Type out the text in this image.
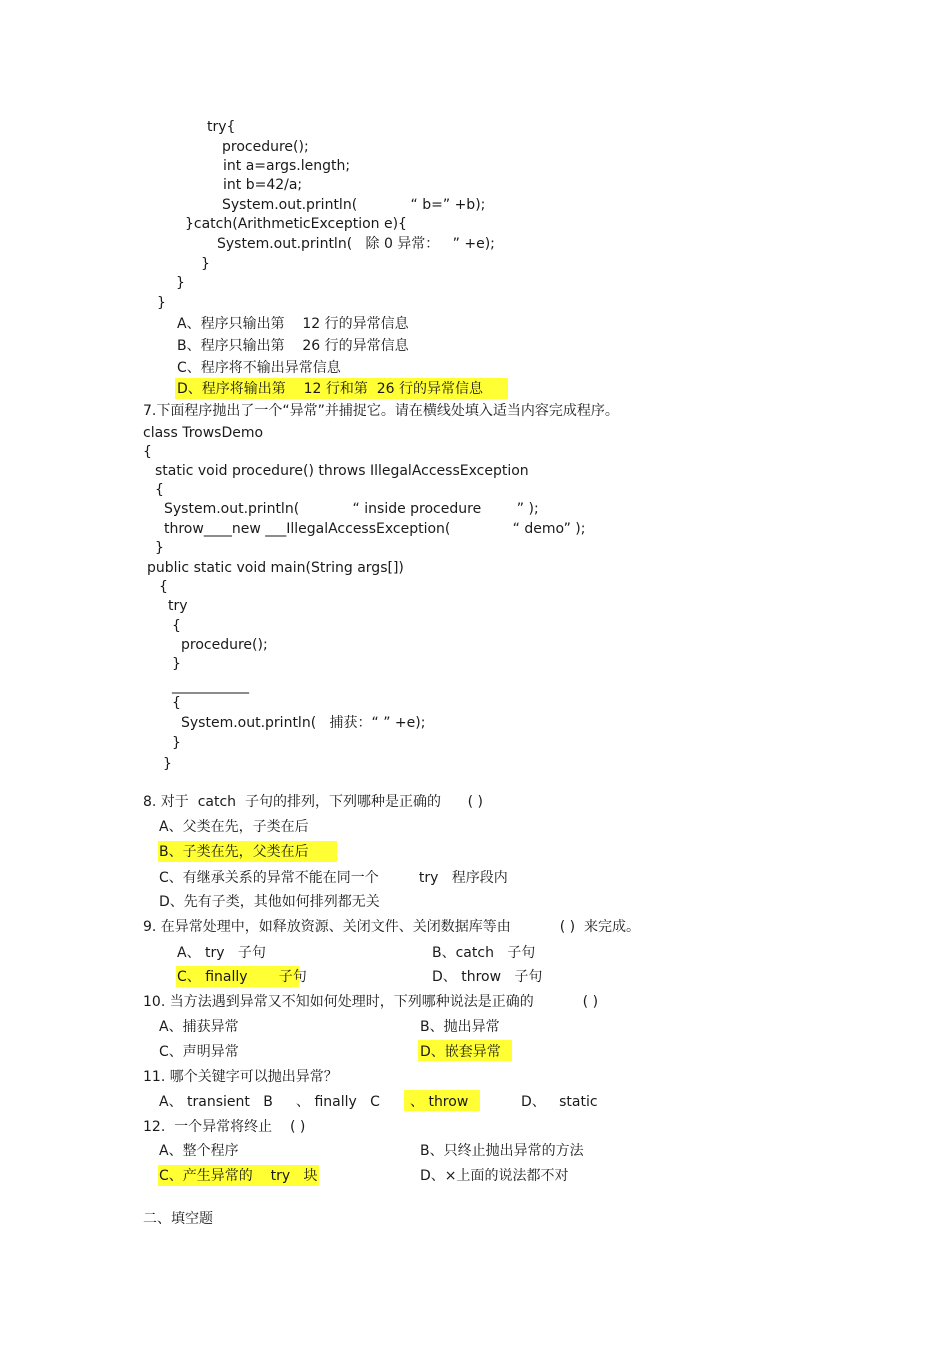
try{
procedure();
int a=args.length;
int b=42/a;
System.out.println(            “ b=” +b);
}catch(ArithmeticException e){
System.out.println(   除 0 异常：   ” +e);
}
}
}
A、程序只输出第    12 行的异常信息
B、程序只输出第    26 行的异常信息
C、程序将不输出异常信息
D、程序将输出第    12 行和第  26 行的异常信息
7.下面程序抛出了一个“异常”并捕捉它。请在横线处填入适当内容完成程序。
class TrowsDemo
{
static void procedure() throws IllegalAccessException
{
System.out.println(            “ inside procedure        ” );
throw____new ___IllegalAccessException(              “ demo” );
}
public static void main(String args[])
{
try
{
procedure();
}
___________
{
System.out.println(   捕获：“ ” +e);
}
}
8. 对于  catch  子句的排列，下列哪种是正确的      ( )
A、父类在先，子类在后
B、子类在先，父类在后
C、有继承关系的异常不能在同一个         try   程序段内
D、先有子类，其他如何排列都无关
9. 在异常处理中，如释放资源、关闭文件、关闭数据库等由           ( )  来完成。
A、 try   子句	B、catch   子句
C、 finally       子句	D、 throw   子句
10. 当方法遇到异常又不知如何处理时，下列哪种说法是正确的           ( )
A、捕获异常	B、抛出异常
C、声明异常	D、嵌套异常
11. 哪个关键字可以抛出异常？
A、 transient   B 、 finally   C 、 throw	D、   static
12.  一个异常将终止    ( )
A、整个程序	B、只终止抛出异常的方法
C、产生异常的    try   块	D、×上面的说法都不对
二、填空题
